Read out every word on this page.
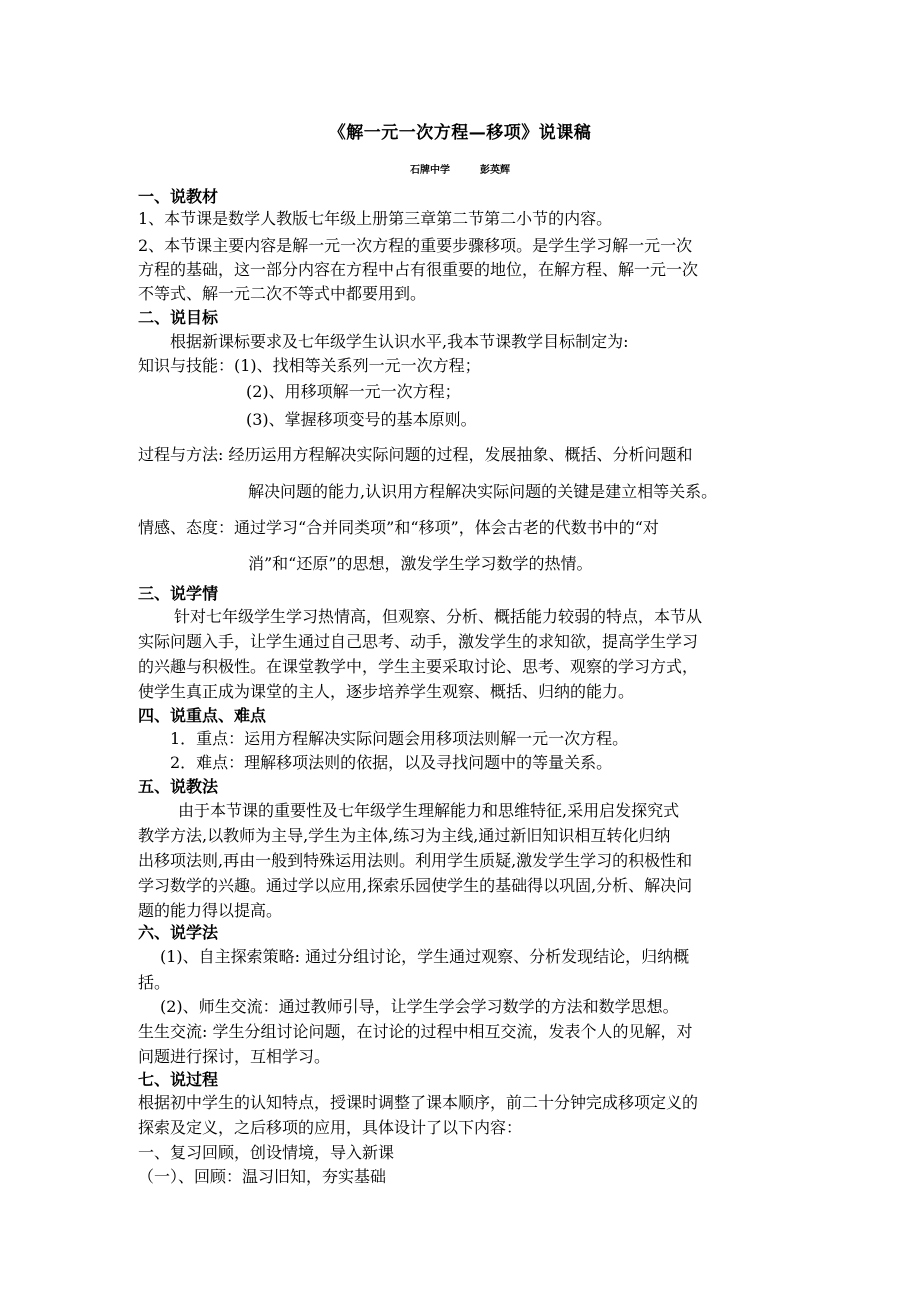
《解一元一次方程—移项》说课稿
石牌中学	彭英辉
一、说教材
1、本节课是数学人教版七年级上册第三章第二节第二小节的内容。
2、本节课主要内容是解一元一次方程的重要步骤移项。是学生学习解一元一次
方程的基础，这一部分内容在方程中占有很重要的地位，在解方程、解一元一次
不等式、解一元二次不等式中都要用到。
二、说目标
根据新课标要求及七年级学生认识水平,我本节课教学目标制定为:
知识与技能：(1)、找相等关系列一元一次方程；
(2)、用移项解一元一次方程；
(3)、掌握移项变号的基本原则。
过程与方法: 经历运用方程解决实际问题的过程，发展抽象、概括、分析问题和
解决问题的能力,认识用方程解决实际问题的关键是建立相等关系。
情感、态度：通过学习“合并同类项”和“移项”，体会古老的代数书中的“对
消”和“还原”的思想，激发学生学习数学的热情。
三、说学情
针对七年级学生学习热情高，但观察、分析、概括能力较弱的特点，本节从
实际问题入手，让学生通过自己思考、动手，激发学生的求知欲，提高学生学习
的兴趣与积极性。在课堂教学中，学生主要采取讨论、思考、观察的学习方式，
使学生真正成为课堂的主人，逐步培养学生观察、概括、归纳的能力。
四、说重点、难点
1．重点：运用方程解决实际问题会用移项法则解一元一次方程。
2．难点：理解移项法则的依据，以及寻找问题中的等量关系。
五、说教法
由于本节课的重要性及七年级学生理解能力和思维特征,采用启发探究式
教学方法,以教师为主导,学生为主体,练习为主线,通过新旧知识相互转化归纳
出移项法则,再由一般到特殊运用法则。利用学生质疑,激发学生学习的积极性和
学习数学的兴趣。通过学以应用,探索乐园使学生的基础得以巩固,分析、解决问
题的能力得以提高。
六、说学法
(1)、自主探索策略: 通过分组讨论，学生通过观察、分析发现结论，归纳概
括。
(2)、师生交流：通过教师引导，让学生学会学习数学的方法和数学思想。
生生交流: 学生分组讨论问题，在讨论的过程中相互交流，发表个人的见解，对
问题进行探讨，互相学习。
七、说过程
根据初中学生的认知特点，授课时调整了课本顺序，前二十分钟完成移项定义的
探索及定义，之后移项的应用，具体设计了以下内容：
一、复习回顾，创设情境，导入新课
（一）、回顾：温习旧知，夯实基础
